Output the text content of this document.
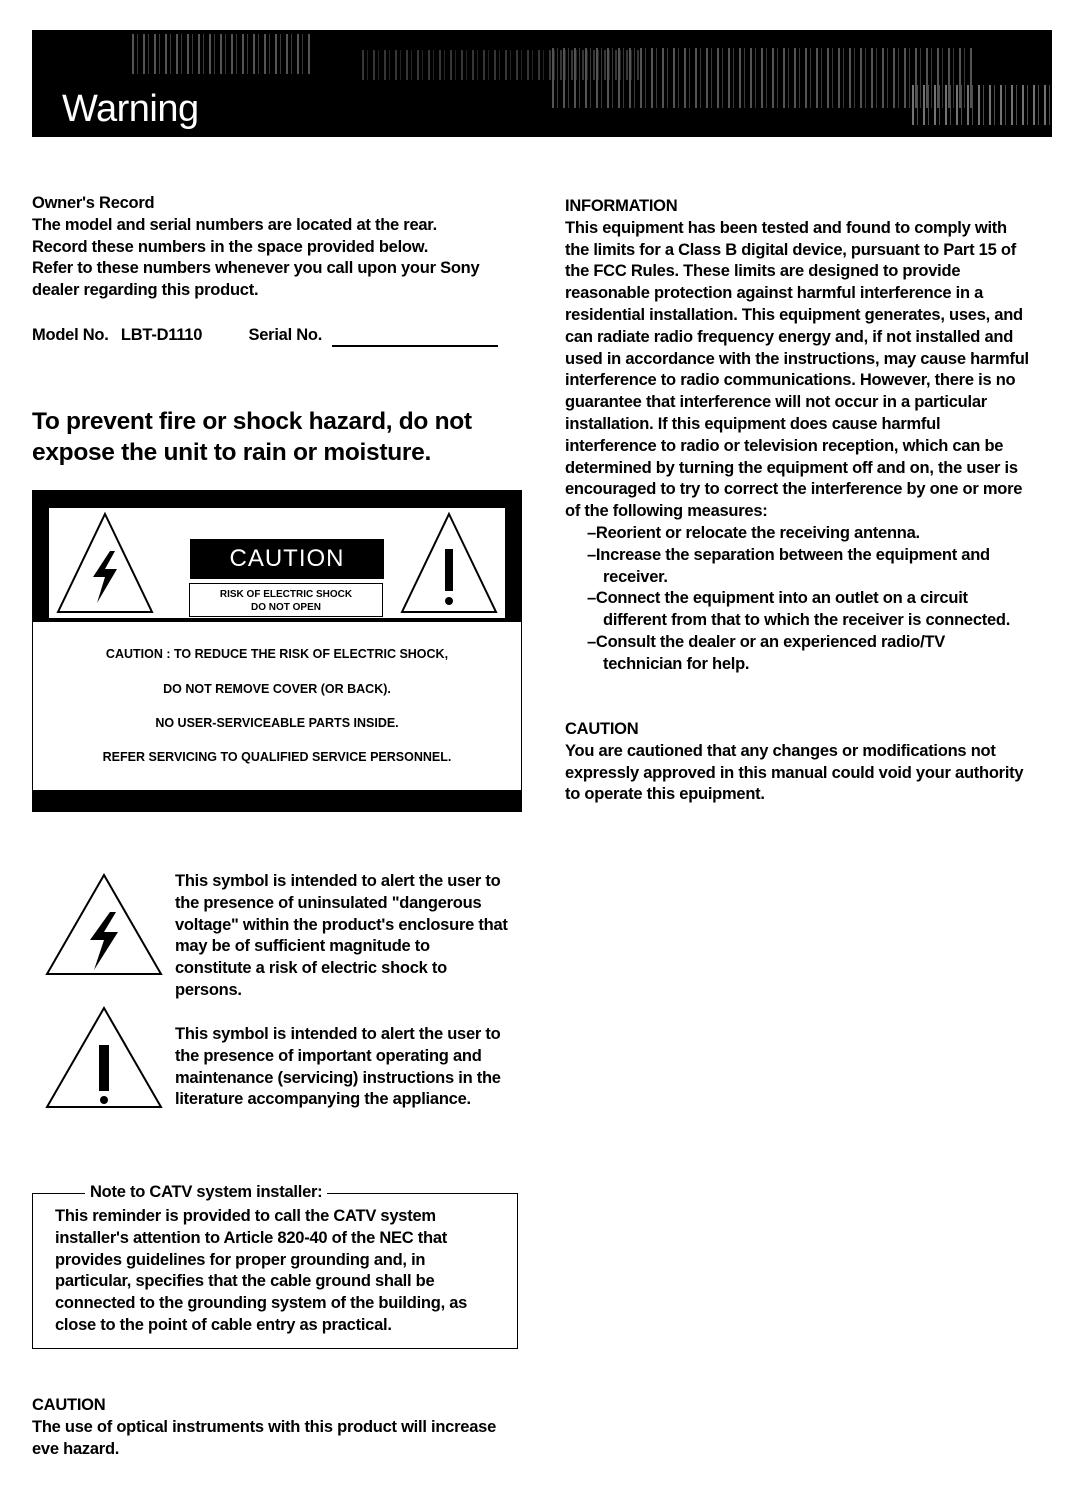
Warning

Owner's Record

The model and serial numbers are located at the rear.

Record these numbers in the space provided below.

Refer to these numbers whenever you call upon your Sony

dealer regarding this product.

Model No. LBT-D1110	Serial No.
To prevent fire or shock hazard, do not
expose the unit to rain or moisture.
CAUTION
RISK OF ELECTRIC SHOCK
DO NOT OPEN
CAUTION : TO REDUCE THE RISK OF ELECTRIC SHOCK,
DO NOT REMOVE COVER (OR BACK).
NO USER-SERVICEABLE PARTS INSIDE.
REFER SERVICING TO QUALIFIED SERVICE PERSONNEL.

This symbol is intended to alert the user to

the presence of uninsulated "dangerous

voltage" within the product's enclosure that

may be of sufficient magnitude to

constitute a risk of electric shock to

persons.

This symbol is intended to alert the user to

the presence of important operating and

maintenance (servicing) instructions in the

literature accompanying the appliance.

Note to CATV system installer:

This reminder is provided to call the CATV system

installer's attention to Article 820-40 of the NEC that

provides guidelines for proper grounding and, in

particular, specifies that the cable ground shall be

connected to the grounding system of the building, as

close to the point of cable entry as practical.

CAUTION

The use of optical instruments with this product will increase

eve hazard.

INFORMATION

This equipment has been tested and found to comply with

the limits for a Class B digital device, pursuant to Part 15 of

the FCC Rules. These limits are designed to provide

reasonable protection against harmful interference in a

residential installation. This equipment generates, uses, and

can radiate radio frequency energy and, if not installed and

used in accordance with the instructions, may cause harmful

interference to radio communications. However, there is no

guarantee that interference will not occur in a particular

installation. If this equipment does cause harmful

interference to radio or television reception, which can be

determined by turning the equipment off and on, the user is

encouraged to try to correct the interference by one or more

of the following measures:

–Reorient or relocate the receiving antenna.

–Increase the separation between the equipment and

receiver.

–Connect the equipment into an outlet on a circuit

different from that to which the receiver is connected.

–Consult the dealer or an experienced radio/TV

technician for help.

CAUTION

You are cautioned that any changes or modifications not

expressly approved in this manual could void your authority

to operate this epuipment.
